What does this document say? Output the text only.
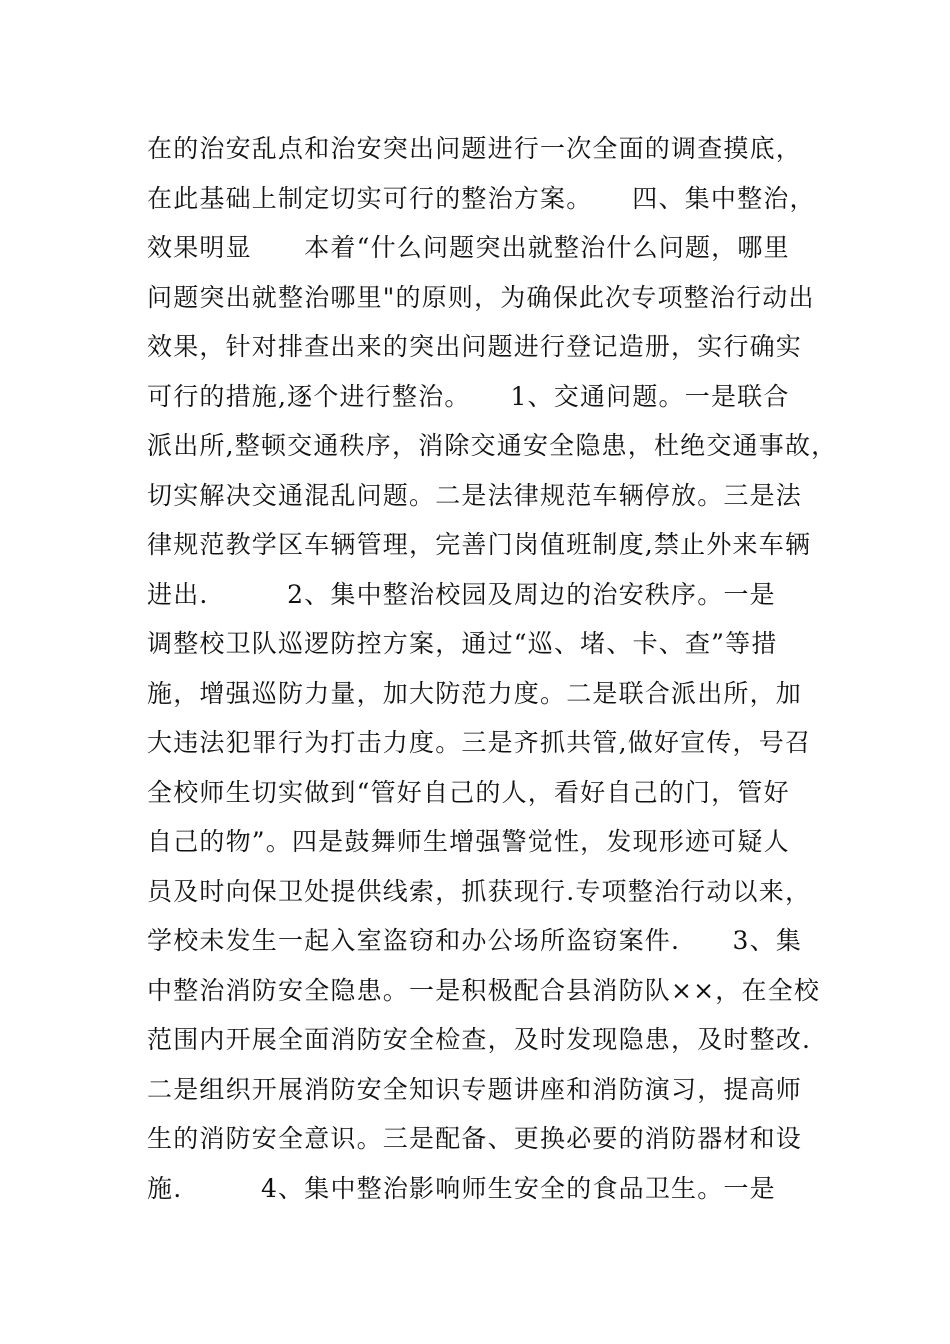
在的治安乱点和治安突出问题进行一次全面的调查摸底，
在此基础上制定切实可行的整治方案。　　四、集中整治，
效果明显　　本着“什么问题突出就整治什么问题，哪里
问题突出就整治哪里"的原则，为确保此次专项整治行动出
效果，针对排查出来的突出问题进行登记造册，实行确实
可行的措施,逐个进行整治。　　1、交通问题。一是联合
派出所,整顿交通秩序，消除交通安全隐患，杜绝交通事故，
切实解决交通混乱问题。二是法律规范车辆停放。三是法
律规范教学区车辆管理，完善门岗值班制度,禁止外来车辆
进出.　　　2、集中整治校园及周边的治安秩序。一是
调整校卫队巡逻防控方案，通过“巡、堵、卡、查”等措
施，增强巡防力量，加大防范力度。二是联合派出所，加
大违法犯罪行为打击力度。三是齐抓共管,做好宣传，号召
全校师生切实做到“管好自己的人，看好自己的门，管好
自己的物”。四是鼓舞师生增强警觉性，发现形迹可疑人
员及时向保卫处提供线索，抓获现行.专项整治行动以来，
学校未发生一起入室盗窃和办公场所盗窃案件.　　3、集
中整治消防安全隐患。一是积极配合县消防队××，在全校
范围内开展全面消防安全检查，及时发现隐患，及时整改.
二是组织开展消防安全知识专题讲座和消防演习，提高师
生的消防安全意识。三是配备、更换必要的消防器材和设
施.　　　4、集中整治影响师生安全的食品卫生。一是
